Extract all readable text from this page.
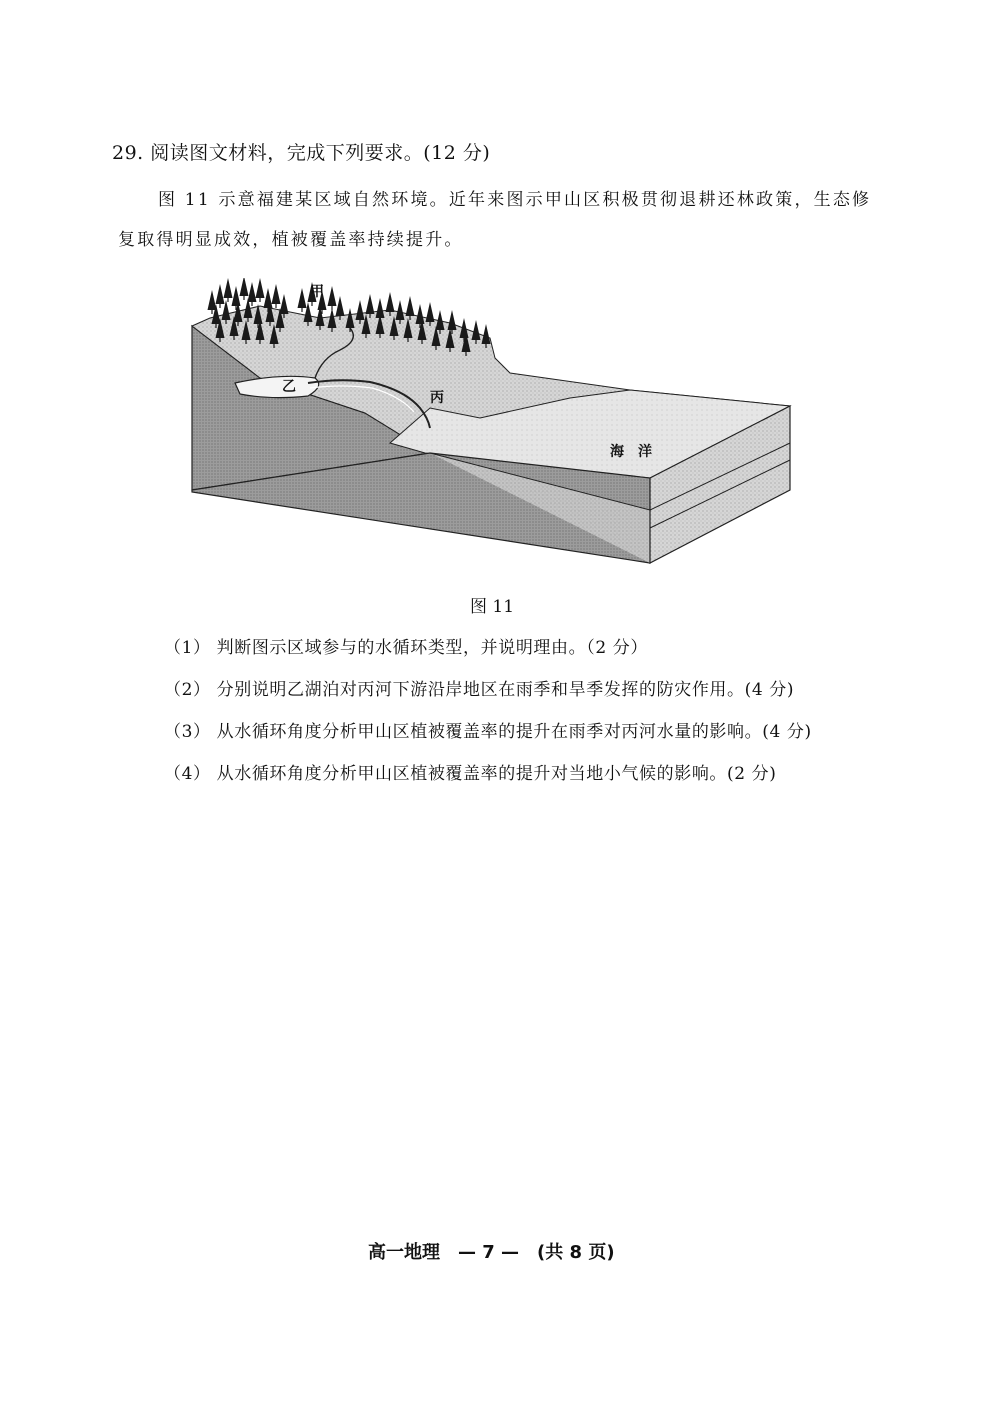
29. 阅读图文材料，完成下列要求。(12 分)
图 11 示意福建某区域自然环境。近年来图示甲山区积极贯彻退耕还林政策，生态修复取得明显成效，植被覆盖率持续提升。
甲
乙
丙
海　洋
图 11
（1） 判断图示区域参与的水循环类型，并说明理由。（2 分）
（2） 分别说明乙湖泊对丙河下游沿岸地区在雨季和旱季发挥的防灾作用。(4 分)
（3） 从水循环角度分析甲山区植被覆盖率的提升在雨季对丙河水量的影响。(4 分)
（4） 从水循环角度分析甲山区植被覆盖率的提升对当地小气候的影响。(2 分)
高一地理　— 7 —　(共 8 页)
